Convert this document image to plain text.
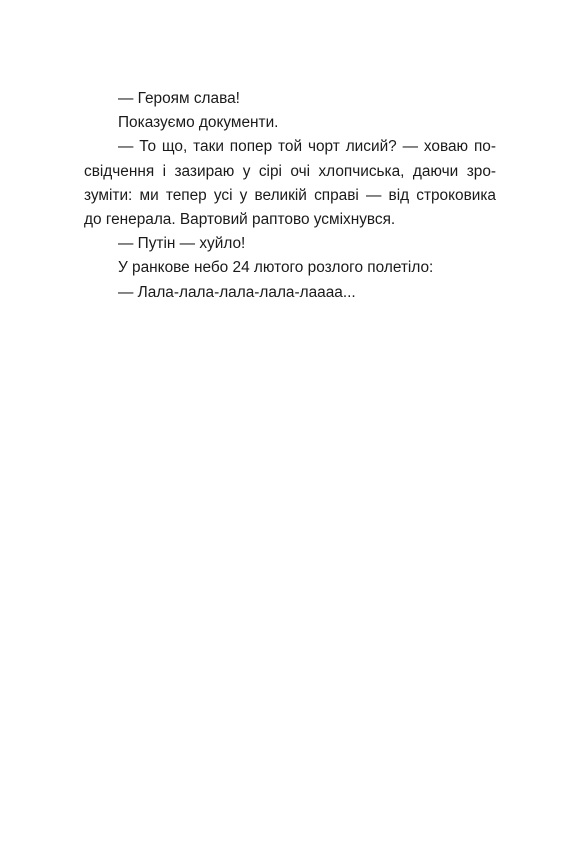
— Героям слава!
Показуємо документи.
— То що, таки попер той чорт лисий? — ховаю по-
свідчення і зазираю у сірі очі хлопчиська, даючи зро-
зуміти: ми тепер усі у великій справі — від строковика
до генерала. Вартовий раптово усміхнувся.
— Путін — хуйло!
У ранкове небо 24 лютого розлого полетіло:
— Лала-лала-лала-лала-лаааа...
